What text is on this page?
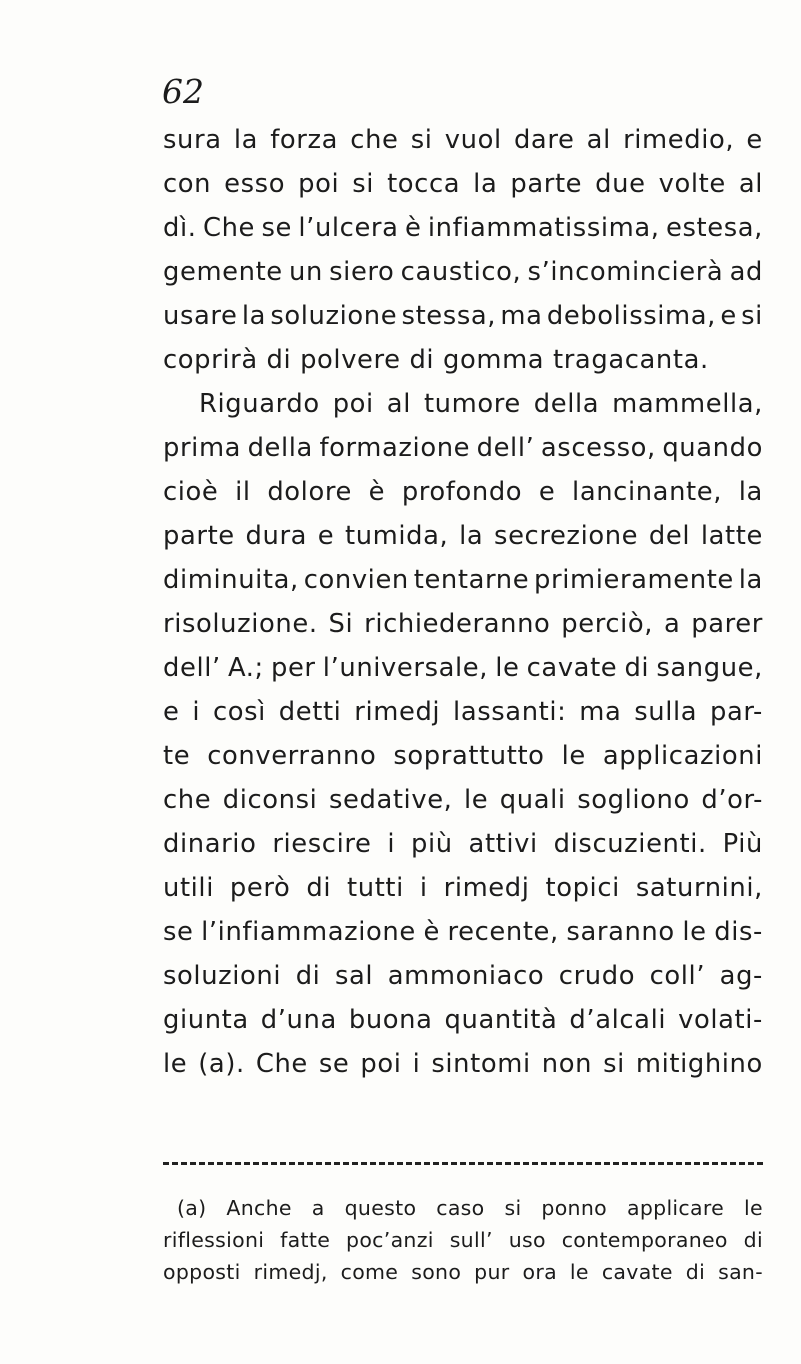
62
sura la forza che si vuol dare al rimedio, e
con esso poi si tocca la parte due volte al
dì. Che se l’ulcera è infiammatissima, estesa,
gemente un siero caustico, s’incomincierà ad
usare la soluzione stessa, ma debolissima, e si
coprirà di polvere di gomma tragacanta.
Riguardo poi al tumore della mammella,
prima della formazione dell’ ascesso, quando
cioè il dolore è profondo e lancinante, la
parte dura e tumida, la secrezione del latte
diminuita, convien tentarne primieramente la
risoluzione. Si richiederanno perciò, a parer
dell’ A.; per l’universale, le cavate di sangue,
e i così detti rimedj lassanti: ma sulla par-
te converranno soprattutto le applicazioni
che diconsi sedative, le quali sogliono d’or-
dinario riescire i più attivi discuzienti. Più
utili però di tutti i rimedj topici saturnini,
se l’infiammazione è recente, saranno le dis-
soluzioni di sal ammoniaco crudo coll’ ag-
giunta d’una buona quantità d’alcali volati-
le (a). Che se poi i sintomi non si mitighino
(a) Anche a questo caso si ponno applicare le
riflessioni fatte poc’anzi sull’ uso contemporaneo di
opposti rimedj, come sono pur ora le cavate di san-
